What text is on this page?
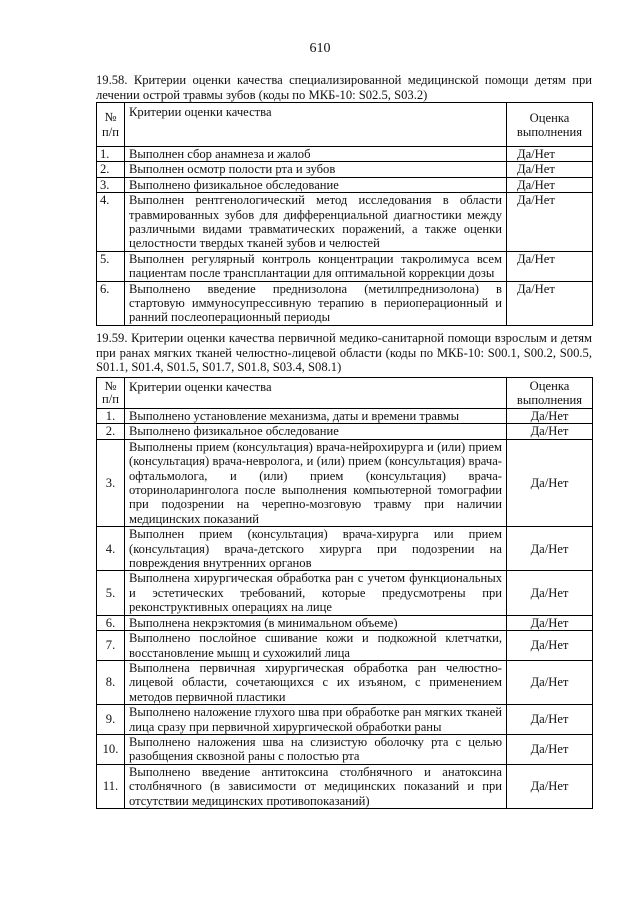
610
19.58. Критерии оценки качества специализированной медицинской помощи детям при лечении острой травмы зубов (коды по МКБ-10: S02.5, S03.2)
№ п/п	Критерии оценки качества	Оценка выполнения
1.	Выполнен сбор анамнеза и жалоб	Да/Нет
2.	Выполнен осмотр полости рта и зубов	Да/Нет
3.	Выполнено физикальное обследование	Да/Нет
4.	Выполнен рентгенологический метод исследования в области травмированных зубов для дифференциальной диагностики между различными видами травматических поражений, а также оценки целостности твердых тканей зубов и челюстей	Да/Нет
5.	Выполнен регулярный контроль концентрации такролимуса всем пациентам после трансплантации для оптимальной коррекции дозы	Да/Нет
6.	Выполнено введение преднизолона (метилпреднизолона) в стартовую иммуносупрессивную терапию в периоперационный и ранний послеоперационный периоды	Да/Нет
19.59. Критерии оценки качества первичной медико-санитарной помощи взрослым и детям при ранах мягких тканей челюстно-лицевой области (коды по МКБ-10: S00.1, S00.2, S00.5, S01.1, S01.4, S01.5, S01.7, S01.8, S03.4, S08.1)
№ п/п	Критерии оценки качества	Оценка выполнения
1.	Выполнено установление механизма, даты и времени травмы	Да/Нет
2.	Выполнено физикальное обследование	Да/Нет
3.	Выполнены прием (консультация) врача-нейрохирурга и (или) прием (консультация) врача-невролога, и (или) прием (консультация) врача-офтальмолога, и (или) прием (консультация) врача-оториноларинголога после выполнения компьютерной томографии при подозрении на черепно-мозговую травму при наличии медицинских показаний	Да/Нет
4.	Выполнен прием (консультация) врача-хирурга или прием (консультация) врача-детского хирурга при подозрении на повреждения внутренних органов	Да/Нет
5.	Выполнена хирургическая обработка ран с учетом функциональных и эстетических требований, которые предусмотрены при реконструктивных операциях на лице	Да/Нет
6.	Выполнена некрэктомия (в минимальном объеме)	Да/Нет
7.	Выполнено послойное сшивание кожи и подкожной клетчатки, восстановление мышц и сухожилий лица	Да/Нет
8.	Выполнена первичная хирургическая обработка ран челюстно-лицевой области, сочетающихся с их изъяном, с применением методов первичной пластики	Да/Нет
9.	Выполнено наложение глухого шва при обработке ран мягких тканей лица сразу при первичной хирургической обработки раны	Да/Нет
10.	Выполнено наложения шва на слизистую оболочку рта с целью разобщения сквозной раны с полостью рта	Да/Нет
11.	Выполнено введение антитоксина столбнячного и анатоксина столбнячного (в зависимости от медицинских показаний и при отсутствии медицинских противопоказаний)	Да/Нет
